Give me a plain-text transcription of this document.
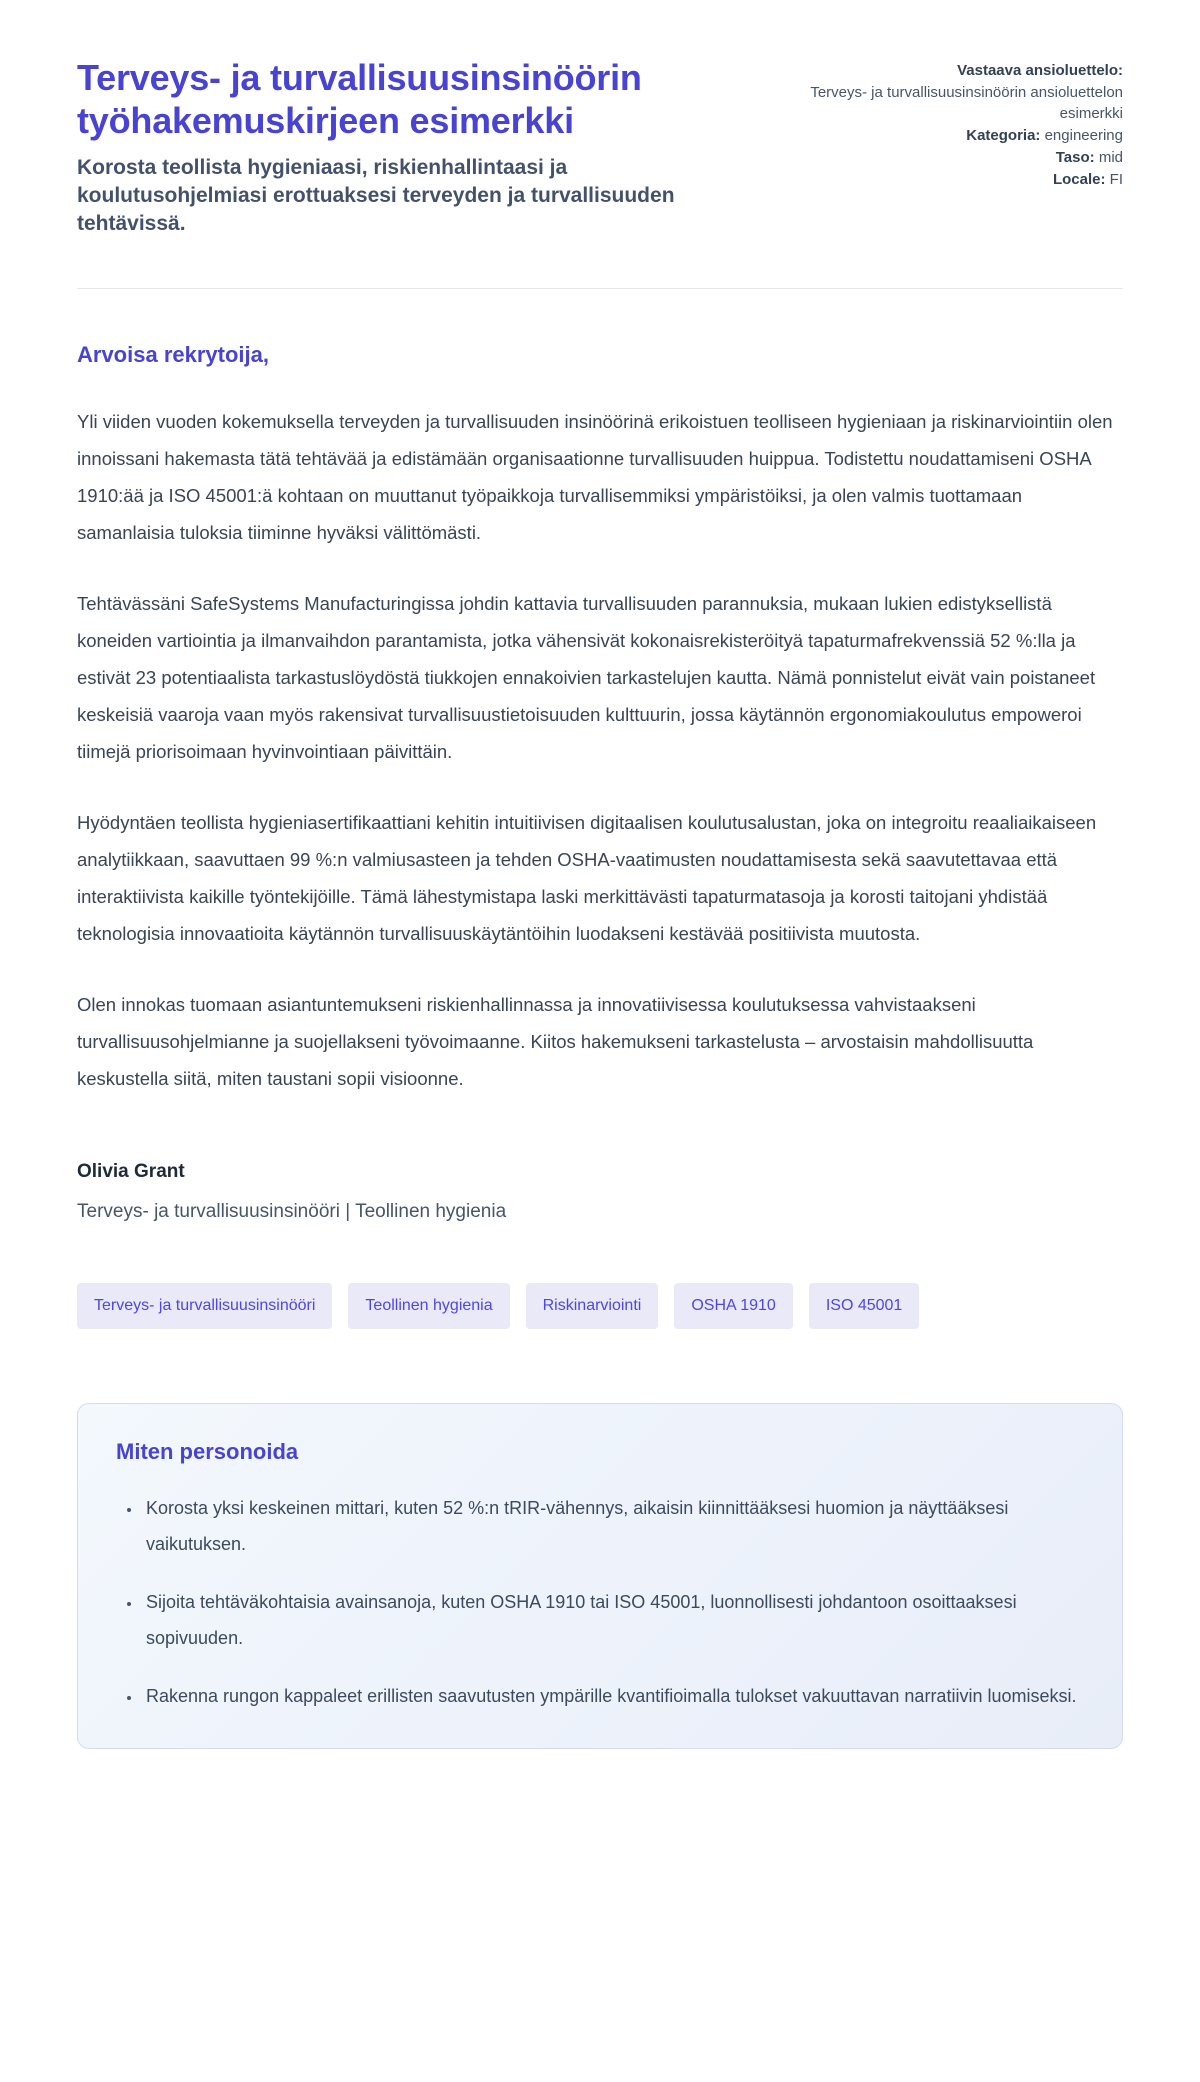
Terveys- ja turvallisuusinsinöörin työhakemuskirjeen esimerkki

Korosta teollista hygieniaasi, riskienhallintaasi ja koulutusohjelmiasi erottuaksesi terveyden ja turvallisuuden tehtävissä.

Vastaava ansioluettelo:
Terveys- ja turvallisuusinsinöörin ansioluettelon esimerkki
Kategoria: engineering
Taso: mid
Locale: FI

Arvoisa rekrytoija,

Yli viiden vuoden kokemuksella terveyden ja turvallisuuden insinöörinä erikoistuen teolliseen hygieniaan ja riskinarviointiin olen innoissani hakemasta tätä tehtävää ja edistämään organisaationne turvallisuuden huippua. Todistettu noudattamiseni OSHA 1910:ää ja ISO 45001:ä kohtaan on muuttanut työpaikkoja turvallisemmiksi ympäristöiksi, ja olen valmis tuottamaan samanlaisia tuloksia tiiminne hyväksi välittömästi.

Tehtävässäni SafeSystems Manufacturingissa johdin kattavia turvallisuuden parannuksia, mukaan lukien edistyksellistä koneiden vartiointia ja ilmanvaihdon parantamista, jotka vähensivät kokonaisrekisteröityä tapaturmafrekvenssiä 52 %:lla ja estivät 23 potentiaalista tarkastuslöydöstä tiukkojen ennakoivien tarkastelujen kautta. Nämä ponnistelut eivät vain poistaneet keskeisiä vaaroja vaan myös rakensivat turvallisuustietoisuuden kulttuurin, jossa käytännön ergonomiakoulutus empoweroi tiimejä priorisoimaan hyvinvointiaan päivittäin.

Hyödyntäen teollista hygieniasertifikaattiani kehitin intuitiivisen digitaalisen koulutusalustan, joka on integroitu reaaliaikaiseen analytiikkaan, saavuttaen 99 %:n valmiusasteen ja tehden OSHA-vaatimusten noudattamisesta sekä saavutettavaa että interaktiivista kaikille työntekijöille. Tämä lähestymistapa laski merkittävästi tapaturmatasoja ja korosti taitojani yhdistää teknologisia innovaatioita käytännön turvallisuuskäytäntöihin luodakseni kestävää positiivista muutosta.

Olen innokas tuomaan asiantuntemukseni riskienhallinnassa ja innovatiivisessa koulutuksessa vahvistaakseni turvallisuusohjelmianne ja suojellakseni työvoimaanne. Kiitos hakemukseni tarkastelusta – arvostaisin mahdollisuutta keskustella siitä, miten taustani sopii visioonne.

Olivia Grant

Terveys- ja turvallisuusinsinööri | Teollinen hygienia

Terveys- ja turvallisuusinsinööri	Teollinen hygienia	Riskinarviointi	OSHA 1910	ISO 45001
Miten personoida
• Korosta yksi keskeinen mittari, kuten 52 %:n tRIR-vähennys, aikaisin kiinnittääksesi huomion ja näyttääksesi vaikutuksen.
• Sijoita tehtäväkohtaisia avainsanoja, kuten OSHA 1910 tai ISO 45001, luonnollisesti johdantoon osoittaaksesi sopivuuden.
• Rakenna rungon kappaleet erillisten saavutusten ympärille kvantifioimalla tulokset vakuuttavan narratiivin luomiseksi.
